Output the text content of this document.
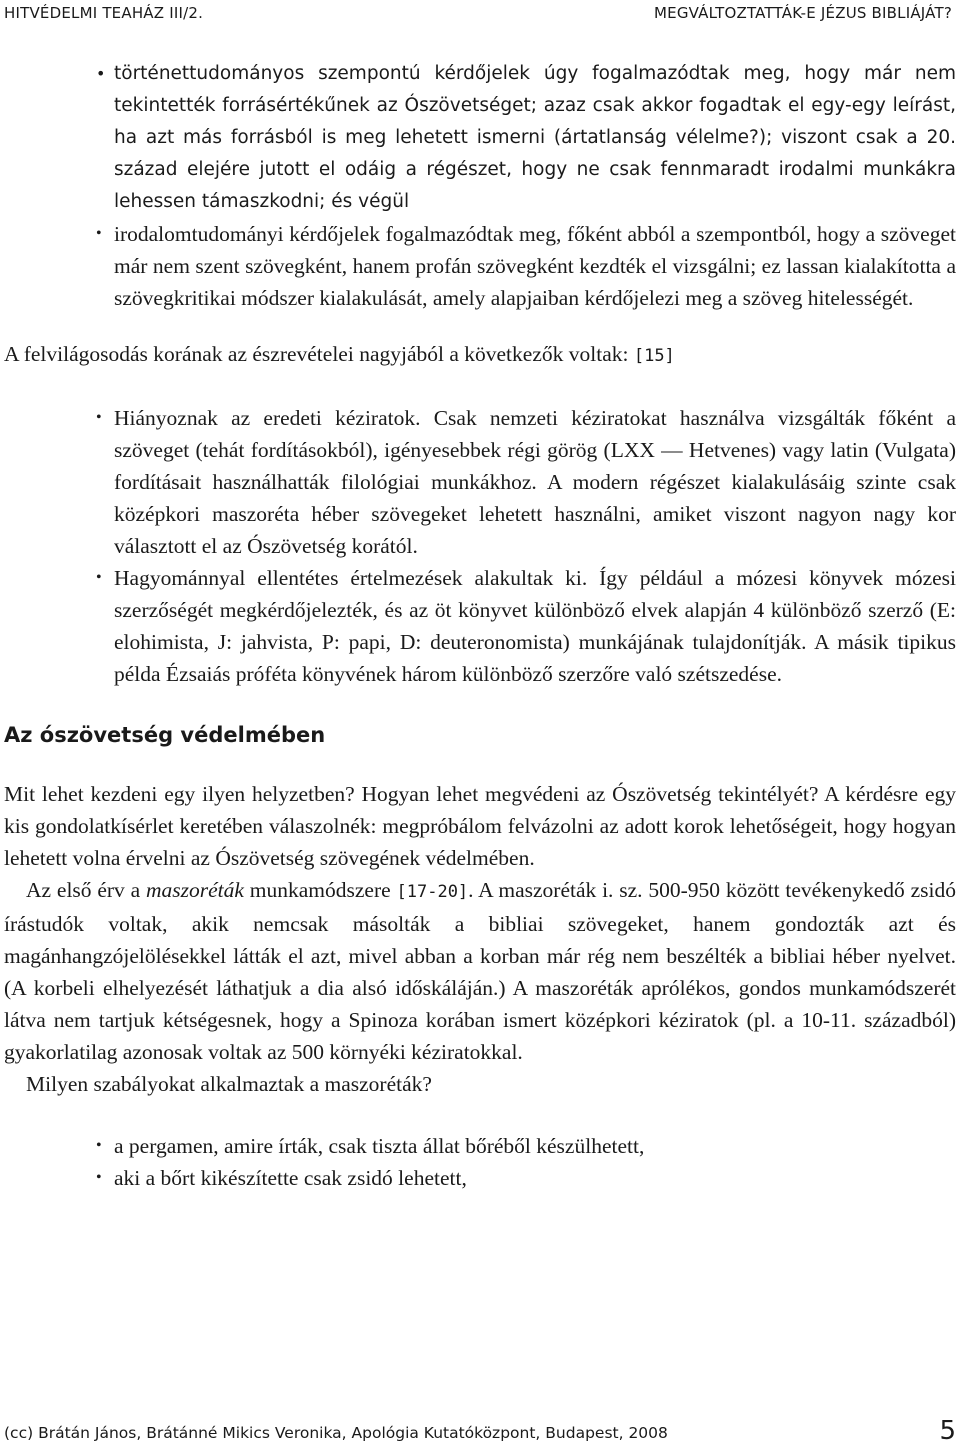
HITVÉDELMI TEAHÁZ III/2.	MEGVÁLTOZTATTÁK-E JÉZUS BIBLIÁJÁT?
• történettudományos szempontú kérdőjelek úgy fogalmazódtak meg, hogy már nem tekintették forrásértékűnek az Ószövetséget; azaz csak akkor fogadtak el egy-egy leírást, ha azt más forrásból is meg lehetett ismerni (ártatlanság vélelme?); viszont csak a 20. század elejére jutott el odáig a régészet, hogy ne csak fennmaradt irodalmi munkákra lehessen támaszkodni; és végül
• irodalomtudományi kérdőjelek fogalmazódtak meg, főként abból a szempontból, hogy a szöveget már nem szent szövegként, hanem profán szövegként kezdték el vizsgálni; ez lassan kialakította a szövegkritikai módszer kialakulását, amely alapjaiban kérdőjelezi meg a szöveg hitelességét.

A felvilágosodás korának az észrevételei nagyjából a következők voltak: [15]

• Hiányoznak az eredeti kéziratok. Csak nemzeti kéziratokat használva vizsgálták főként a szöveget (tehát fordításokból), igényesebbek régi görög (LXX — Hetvenes) vagy latin (Vulgata) fordításait használhatták filológiai munkákhoz. A modern régészet kialakulásáig szinte csak középkori maszoréta héber szövegeket lehetett használni, amiket viszont nagyon nagy kor választott el az Ószövetség korától.
• Hagyománnyal ellentétes értelmezések alakultak ki. Így például a mózesi könyvek mózesi szerzőségét megkérdőjelezték, és az öt könyvet különböző elvek alapján 4 különböző szerző (E: elohimista, J: jahvista, P: papi, D: deuteronomista) munkájának tulajdonítják. A másik tipikus példa Ézsaiás próféta könyvének három különböző szerzőre való szétszedése.
Az ószövetség védelmében

Mit lehet kezdeni egy ilyen helyzetben? Hogyan lehet megvédeni az Ószövetség tekintélyét? A kérdésre egy kis gondolatkísérlet keretében válaszolnék: megpróbálom felvázolni az adott korok lehetőségeit, hogy hogyan lehetett volna érvelni az Ószövetség szövegének védelmében.

Az első érv a maszoréták munkamódszere [17-20]. A maszoréták i. sz. 500-950 között tevékenykedő zsidó írástudók voltak, akik nemcsak másolták a bibliai szövegeket, hanem gondozták azt és magánhangzójelölésekkel látták el azt, mivel abban a korban már rég nem beszélték a bibliai héber nyelvet. (A korbeli elhelyezését láthatjuk a dia alsó időskáláján.) A maszoréták aprólékos, gondos munkamódszerét látva nem tartjuk kétségesnek, hogy a Spinoza korában ismert középkori kéziratok (pl. a 10-11. századból) gyakorlatilag azonosak voltak az 500 környéki kéziratokkal.

Milyen szabályokat alkalmaztak a maszoréták?

• a pergamen, amire írták, csak tiszta állat bőréből készülhetett,
• aki a bőrt kikészítette csak zsidó lehetett,
(cc) Brátán János, Brátánné Mikics Veronika, Apológia Kutatóközpont, Budapest, 2008	5
